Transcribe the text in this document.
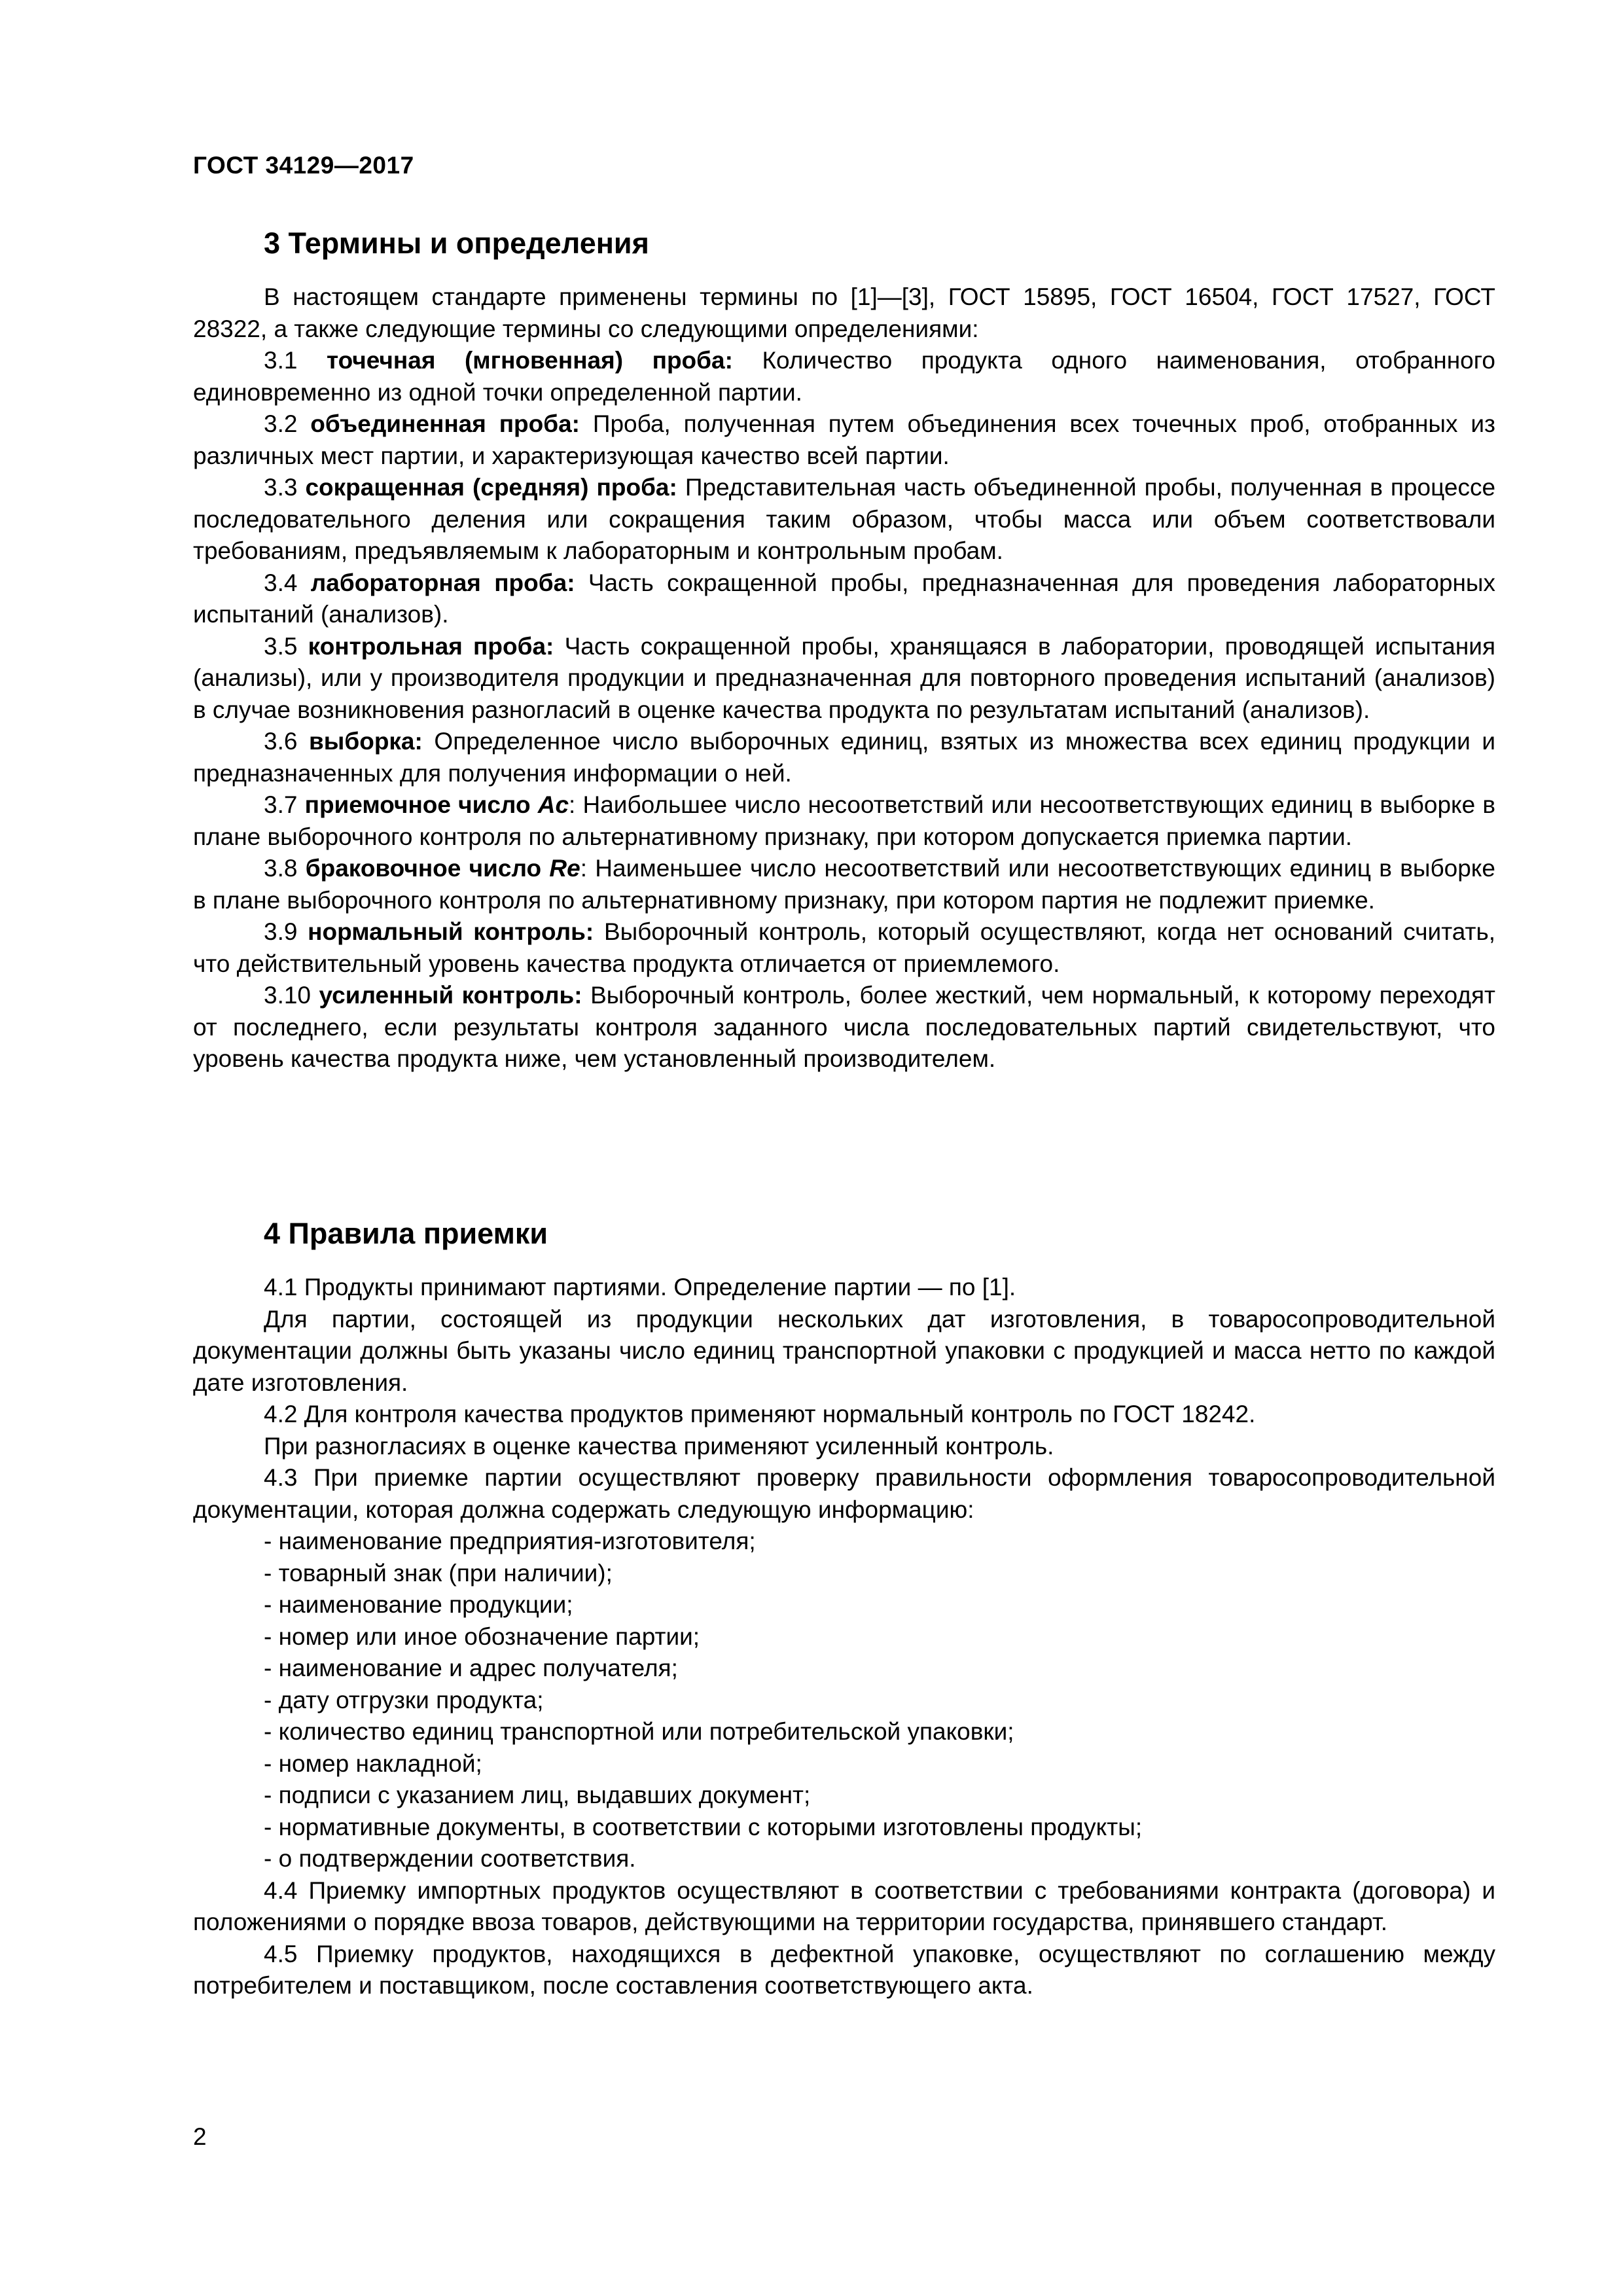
ГОСТ 34129—2017
3 Термины и определения

В настоящем стандарте применены термины по [1]—[3], ГОСТ 15895, ГОСТ 16504, ГОСТ 17527, ГОСТ 28322, а также следующие термины со следующими определениями:

3.1 точечная (мгновенная) проба: Количество продукта одного наименования, отобранного единовременно из одной точки определенной партии.

3.2 объединенная проба: Проба, полученная путем объединения всех точечных проб, отобранных из различных мест партии, и характеризующая качество всей партии.

3.3 сокращенная (средняя) проба: Представительная часть объединенной пробы, полученная в процессе последовательного деления или сокращения таким образом, чтобы масса или объем соответствовали требованиям, предъявляемым к лабораторным и контрольным пробам.

3.4 лабораторная проба: Часть сокращенной пробы, предназначенная для проведения лабораторных испытаний (анализов).

3.5 контрольная проба: Часть сокращенной пробы, хранящаяся в лаборатории, проводящей испытания (анализы), или у производителя продукции и предназначенная для повторного проведения испытаний (анализов) в случае возникновения разногласий в оценке качества продукта по результатам испытаний (анализов).

3.6 выборка: Определенное число выборочных единиц, взятых из множества всех единиц продукции и предназначенных для получения информации о ней.

3.7 приемочное число Ac: Наибольшее число несоответствий или несоответствующих единиц в выборке в плане выборочного контроля по альтернативному признаку, при котором допускается приемка партии.

3.8 браковочное число Re: Наименьшее число несоответствий или несоответствующих единиц в выборке в плане выборочного контроля по альтернативному признаку, при котором партия не подлежит приемке.

3.9 нормальный контроль: Выборочный контроль, который осуществляют, когда нет оснований считать, что действительный уровень качества продукта отличается от приемлемого.

3.10 усиленный контроль: Выборочный контроль, более жесткий, чем нормальный, к которому переходят от последнего, если результаты контроля заданного числа последовательных партий свидетельствуют, что уровень качества продукта ниже, чем установленный производителем.

4 Правила приемки

4.1 Продукты принимают партиями. Определение партии — по [1].

Для партии, состоящей из продукции нескольких дат изготовления, в товаросопроводительной документации должны быть указаны число единиц транспортной упаковки с продукцией и масса нетто по каждой дате изготовления.

4.2 Для контроля качества продуктов применяют нормальный контроль по ГОСТ 18242.

При разногласиях в оценке качества применяют усиленный контроль.

4.3 При приемке партии осуществляют проверку правильности оформления товаросопроводительной документации, которая должна содержать следующую информацию:

- наименование предприятия-изготовителя;
- товарный знак (при наличии);
- наименование продукции;
- номер или иное обозначение партии;
- наименование и адрес получателя;
- дату отгрузки продукта;
- количество единиц транспортной или потребительской упаковки;
- номер накладной;
- подписи с указанием лиц, выдавших документ;
- нормативные документы, в соответствии с которыми изготовлены продукты;
- о подтверждении соответствия.

4.4 Приемку импортных продуктов осуществляют в соответствии с требованиями контракта (договора) и положениями о порядке ввоза товаров, действующими на территории государства, принявшего стандарт.

4.5 Приемку продуктов, находящихся в дефектной упаковке, осуществляют по соглашению между потребителем и поставщиком, после составления соответствующего акта.

2
